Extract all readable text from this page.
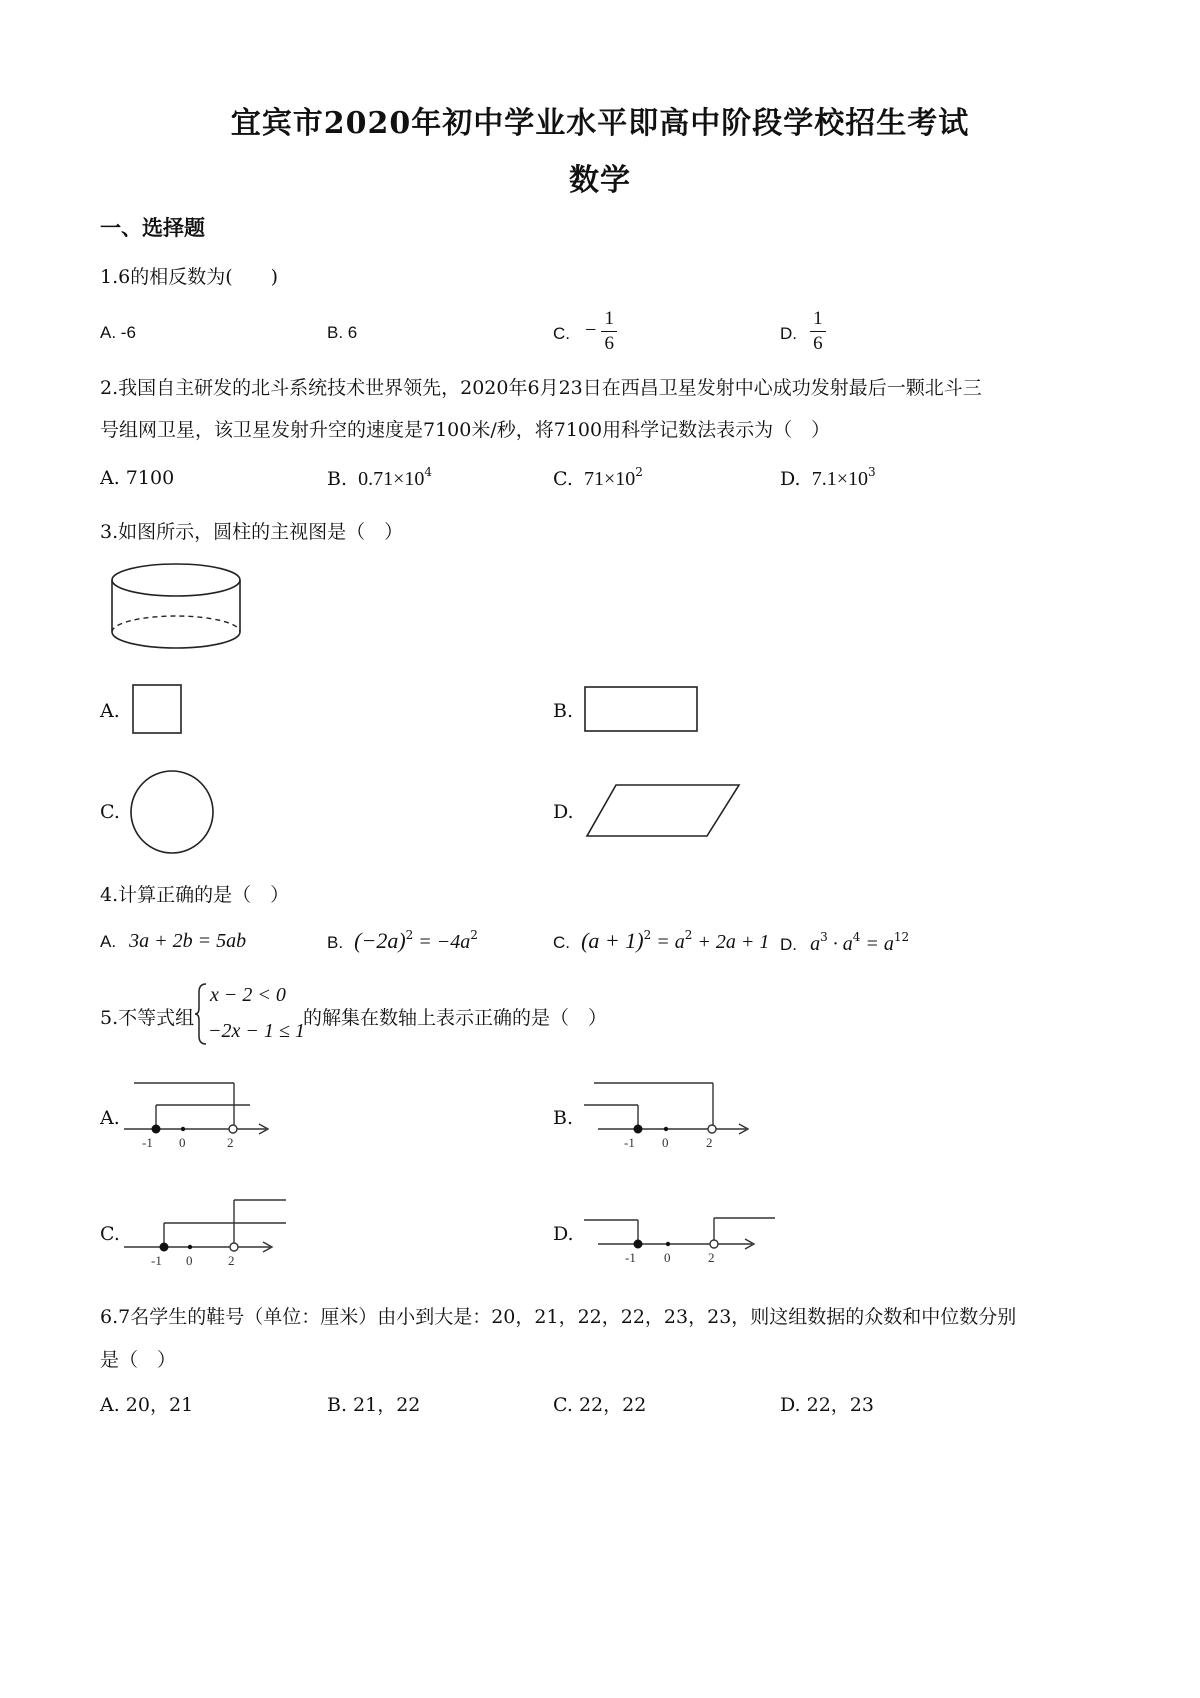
宜宾市2020年初中学业水平即高中阶段学校招生考试
数学
一、选择题
1.6的相反数为(　　)
A. -6	B. 6	C. − $\frac{1}{6}$	D. $\frac{1}{6}$
2.我国自主研发的北斗系统技术世界领先，2020年6月23日在西昌卫星发射中心成功发射最后一颗北斗三
号组网卫星，该卫星发射升空的速度是7100米/秒，将7100用科学记数法表示为（　）
A. 7100	B. $0.71\times 10^4$	C. $71\times 10^2$	D. $7.1\times 10^3$
3.如图所示，圆柱的主视图是（　）
A.	B.
C.	D.
4.计算正确的是（　）
A. 3a + 2b = 5ab	B. $(-2a)^2 = -4a^2$	C. $(a + 1)^2 = a^2 + 2a + 1$ D. $a^3 \cdot a^4 = a^{12}$
5.不等式组
x − 2 < 0
−2x − 1 ≤ 1
的解集在数轴上表示正确的是（　）
A.
-1 0	2
B.
-1 0	2
C.
-1 0	2
D.
-1 0	2
6.7名学生的鞋号（单位：厘米）由小到大是：20，21，22，22，23，23，则这组数据的众数和中位数分别
是（　）
A. 20，21	B. 21，22	C. 22，22	D. 22，23
